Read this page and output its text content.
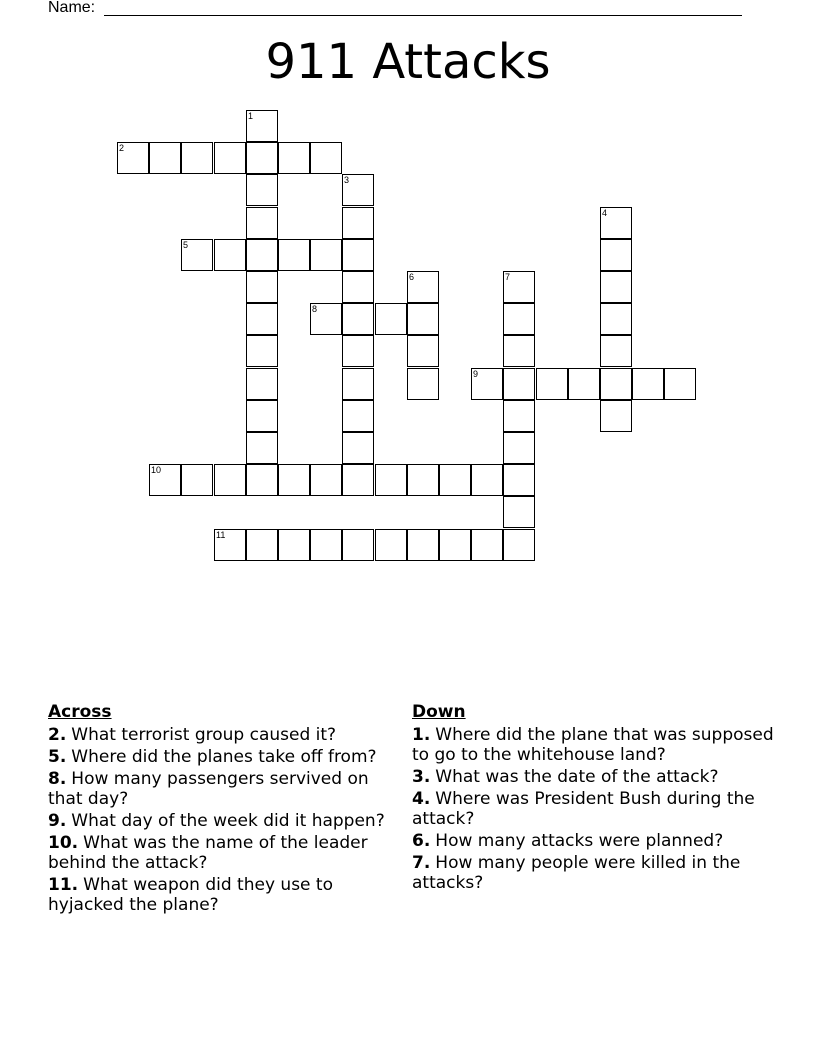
Name:
911 Attacks
1
2
3
4
5
6	7
8
9
10
11
Across
2. What terrorist group caused it?
5. Where did the planes take off from?
8. How many passengers servived on that day?
9. What day of the week did it happen?
10. What was the name of the leader behind the attack?
11. What weapon did they use to hyjacked the plane?
Down
1. Where did the plane that was supposed to go to the whitehouse land?
3. What was the date of the attack?
4. Where was President Bush during the attack?
6. How many attacks were planned?
7. How many people were killed in the attacks?
